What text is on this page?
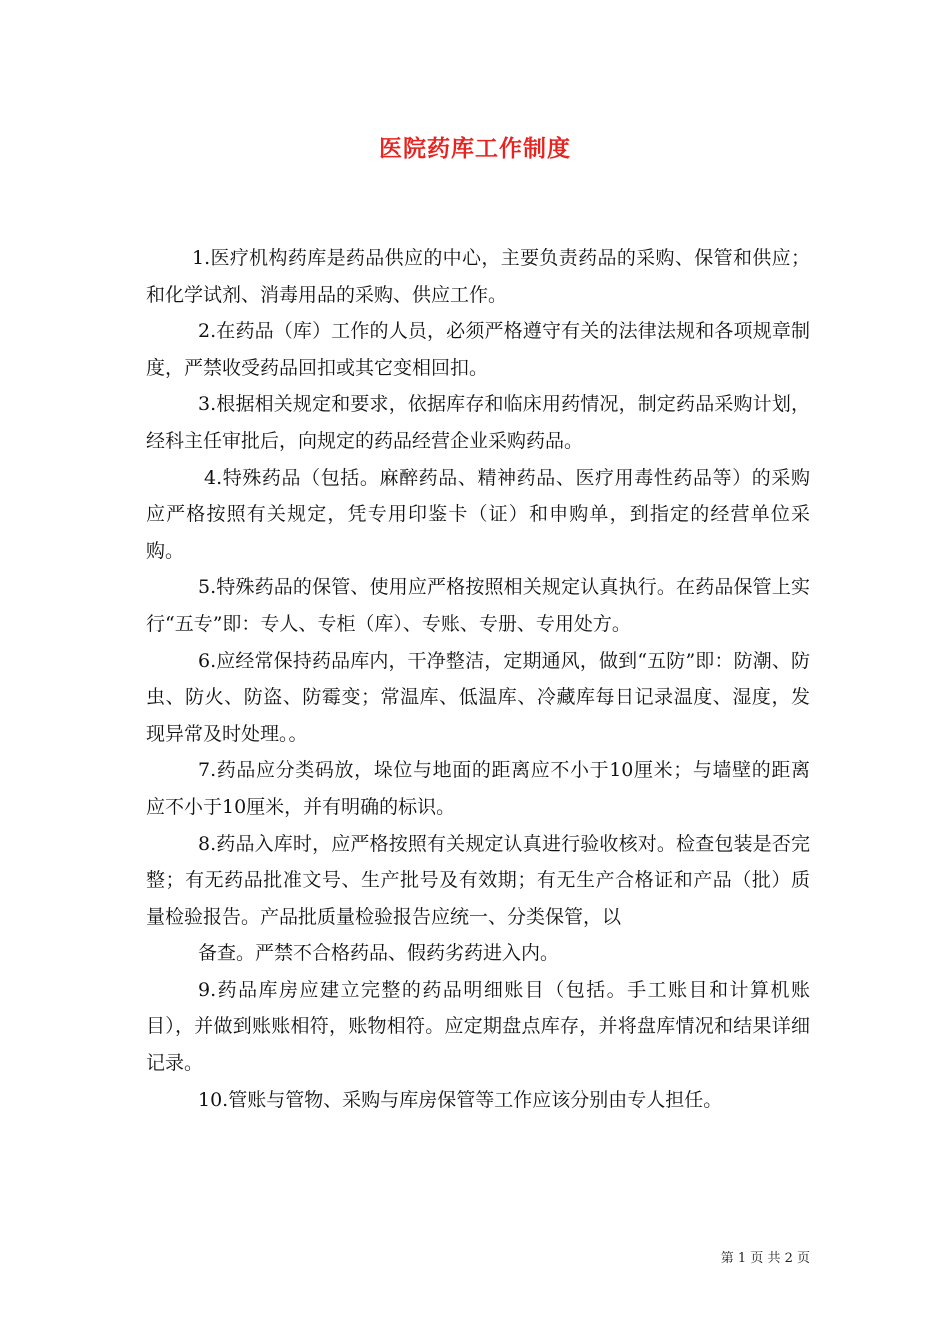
医院药库工作制度

1.医疗机构药库是药品供应的中心，主要负责药品的采购、保管和供应；和化学试剂、消毒用品的采购、供应工作。

2.在药品（库）工作的人员，必须严格遵守有关的法律法规和各项规章制度，严禁收受药品回扣或其它变相回扣。

3.根据相关规定和要求，依据库存和临床用药情况，制定药品采购计划，经科主任审批后，向规定的药品经营企业采购药品。

4.特殊药品（包括。麻醉药品、精神药品、医疗用毒性药品等）的采购应严格按照有关规定，凭专用印鉴卡（证）和申购单，到指定的经营单位采购。

5.特殊药品的保管、使用应严格按照相关规定认真执行。在药品保管上实行“五专”即：专人、专柜（库）、专账、专册、专用处方。

6.应经常保持药品库内，干净整洁，定期通风，做到“五防”即：防潮、防虫、防火、防盗、防霉变；常温库、低温库、冷藏库每日记录温度、湿度，发现异常及时处理。。

7.药品应分类码放，垛位与地面的距离应不小于10厘米；与墙壁的距离应不小于10厘米，并有明确的标识。

8.药品入库时，应严格按照有关规定认真进行验收核对。检查包装是否完整；有无药品批准文号、生产批号及有效期；有无生产合格证和产品（批）质量检验报告。产品批质量检验报告应统一、分类保管，以

备查。严禁不合格药品、假药劣药进入内。

9.药品库房应建立完整的药品明细账目（包括。手工账目和计算机账目），并做到账账相符，账物相符。应定期盘点库存，并将盘库情况和结果详细记录。

10.管账与管物、采购与库房保管等工作应该分别由专人担任。

第 1 页 共 2 页
